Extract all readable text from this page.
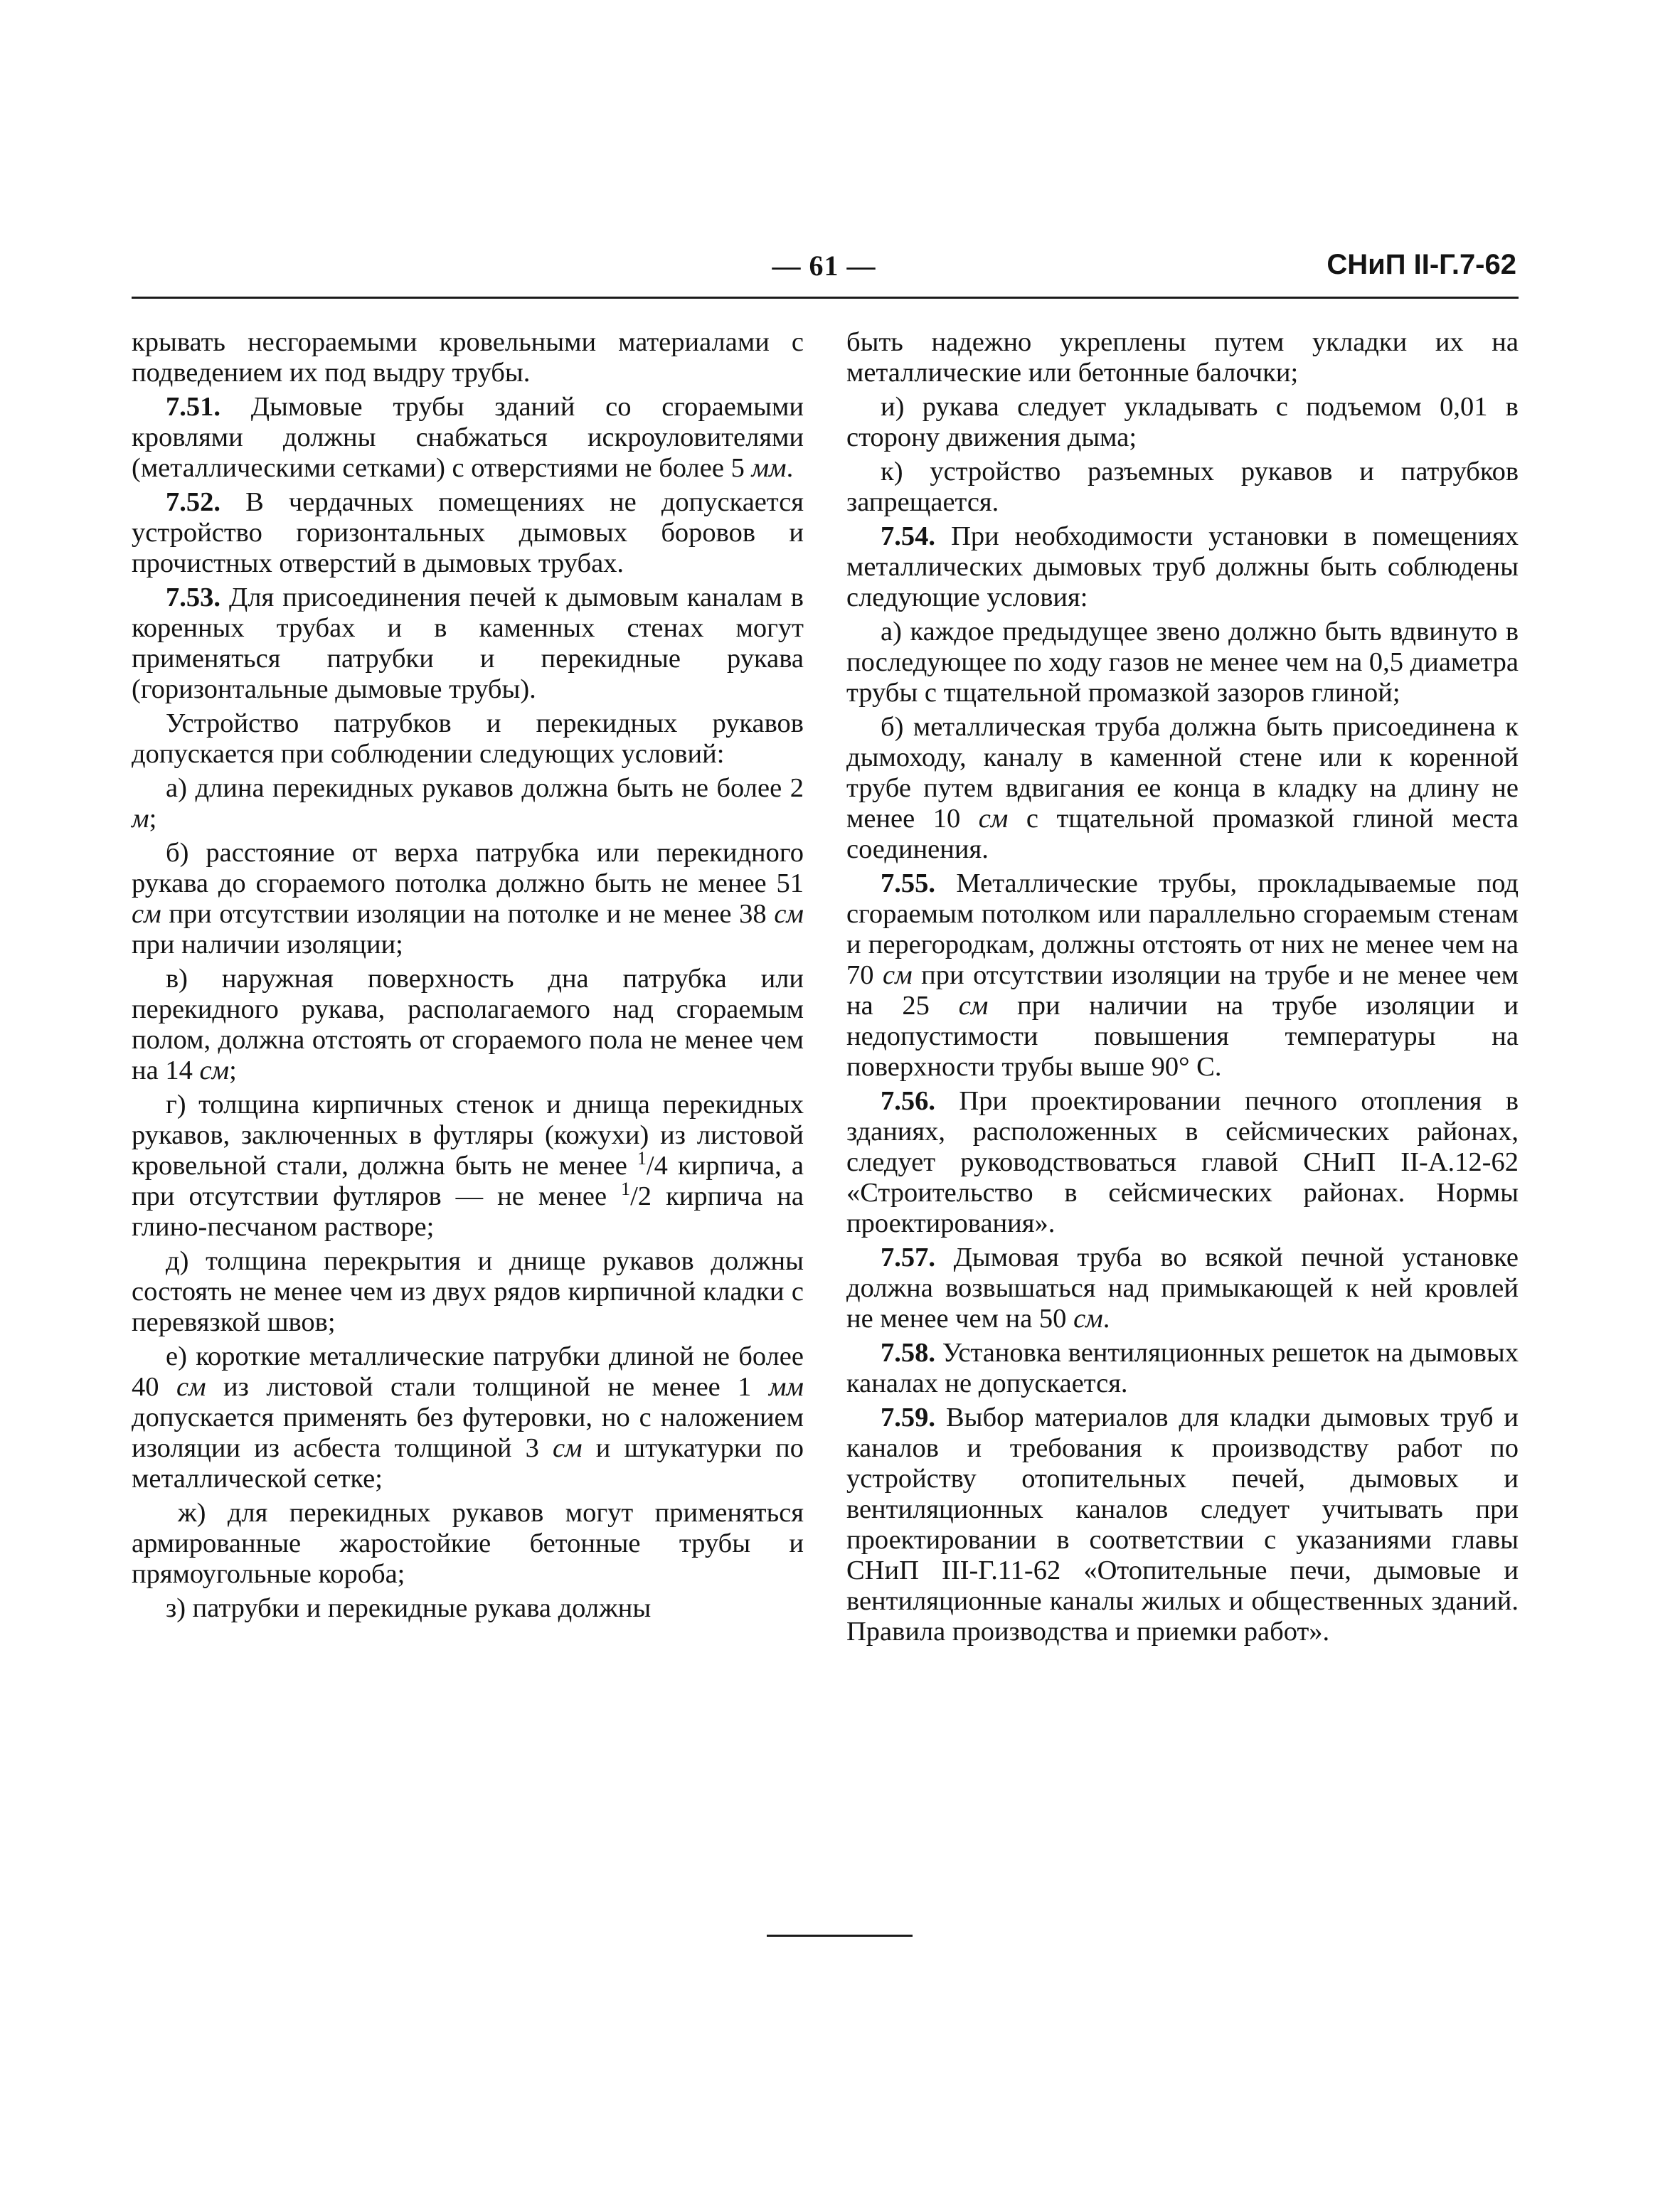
— 61 —	СНиП II-Г.7-62

крывать несгораемыми кровельными материалами с подведением их под выдру трубы.

7.51. Дымовые трубы зданий со сгораемыми кровлями должны снабжаться искроуловителями (металлическими сетками) с отверстиями не более 5 мм.

7.52. В чердачных помещениях не допускается устройство горизонтальных дымовых боровов и прочистных отверстий в дымовых трубах.

7.53. Для присоединения печей к дымовым каналам в коренных трубах и в каменных стенах могут применяться патрубки и перекидные рукава (горизонтальные дымовые трубы).

Устройство патрубков и перекидных рукавов допускается при соблюдении следующих условий:

а) длина перекидных рукавов должна быть не более 2 м;

б) расстояние от верха патрубка или перекидного рукава до сгораемого потолка должно быть не менее 51 см при отсутствии изоляции на потолке и не менее 38 см при наличии изоляции;

в) наружная поверхность дна патрубка или перекидного рукава, располагаемого над сгораемым полом, должна отстоять от сгораемого пола не менее чем на 14 см;

г) толщина кирпичных стенок и днища перекидных рукавов, заключенных в футляры (кожухи) из листовой кровельной стали, должна быть не менее $^1$/4 кирпича, а при отсутствии футляров — не менее $^1$/2 кирпича на глино-песчаном растворе;

д) толщина перекрытия и днище рукавов должны состоять не менее чем из двух рядов кирпичной кладки с перевязкой швов;

е) короткие металлические патрубки длиной не более 40 см из листовой стали толщиной не менее 1 мм допускается применять без футеровки, но с наложением изоляции из асбеста толщиной 3 см и штукатурки по металлической сетке;

ж) для перекидных рукавов могут применяться армированные жаростойкие бетонные трубы и прямоугольные короба;

з) патрубки и перекидные рукава должны

быть надежно укреплены путем укладки их на металлические или бетонные балочки;

и) рукава следует укладывать с подъемом 0,01 в сторону движения дыма;

к) устройство разъемных рукавов и патрубков запрещается.

7.54. При необходимости установки в помещениях металлических дымовых труб должны быть соблюдены следующие условия:

а) каждое предыдущее звено должно быть вдвинуто в последующее по ходу газов не менее чем на 0,5 диаметра трубы с тщательной промазкой зазоров глиной;

б) металлическая труба должна быть присоединена к дымоходу, каналу в каменной стене или к коренной трубе путем вдвигания ее конца в кладку на длину не менее 10 см с тщательной промазкой глиной места соединения.

7.55. Металлические трубы, прокладываемые под сгораемым потолком или параллельно сгораемым стенам и перегородкам, должны отстоять от них не менее чем на 70 см при отсутствии изоляции на трубе и не менее чем на 25 см при наличии на трубе изоляции и недопустимости повышения температуры на поверхности трубы выше 90° С.

7.56. При проектировании печного отопления в зданиях, расположенных в сейсмических районах, следует руководствоваться главой СНиП II-А.12-62 «Строительство в сейсмических районах. Нормы проектирования».

7.57. Дымовая труба во всякой печной установке должна возвышаться над примыкающей к ней кровлей не менее чем на 50 см.

7.58. Установка вентиляционных решеток на дымовых каналах не допускается.

7.59. Выбор материалов для кладки дымовых труб и каналов и требования к производству работ по устройству отопительных печей, дымовых и вентиляционных каналов следует учитывать при проектировании в соответствии с указаниями главы СНиП III-Г.11-62 «Отопительные печи, дымовые и вентиляционные каналы жилых и общественных зданий. Правила производства и приемки работ».
